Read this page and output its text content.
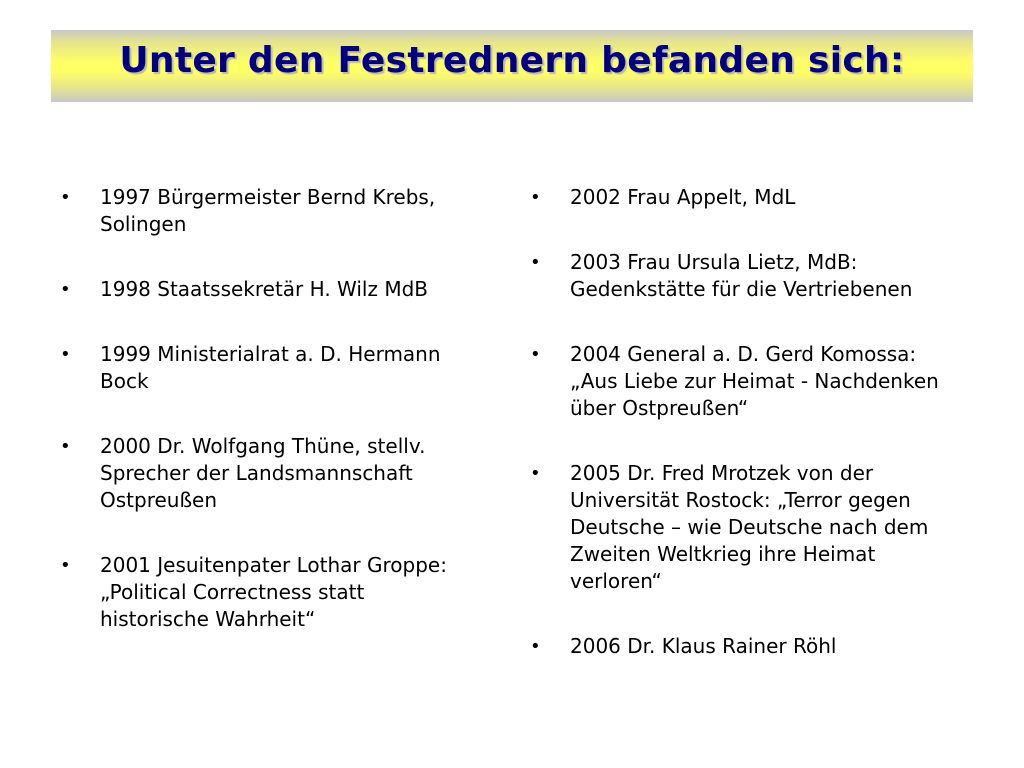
Unter den Festrednern befanden sich:
• 1997 Bürgermeister Bernd Krebs,
Solingen
• 1998 Staatssekretär H. Wilz MdB
• 1999 Ministerialrat a. D. Hermann
Bock
• 2000 Dr. Wolfgang Thüne, stellv.
Sprecher der Landsmannschaft
Ostpreußen
• 2001 Jesuitenpater Lothar Groppe:
„Political Correctness statt
historische Wahrheit“
• 2002 Frau Appelt, MdL
• 2003 Frau Ursula Lietz, MdB:
Gedenkstätte für die Vertriebenen
• 2004 General a. D. Gerd Komossa:
„Aus Liebe zur Heimat - Nachdenken
über Ostpreußen“
• 2005 Dr. Fred Mrotzek von der
Universität Rostock: „Terror gegen
Deutsche – wie Deutsche nach dem
Zweiten Weltkrieg ihre Heimat
verloren“
• 2006 Dr. Klaus Rainer Röhl
